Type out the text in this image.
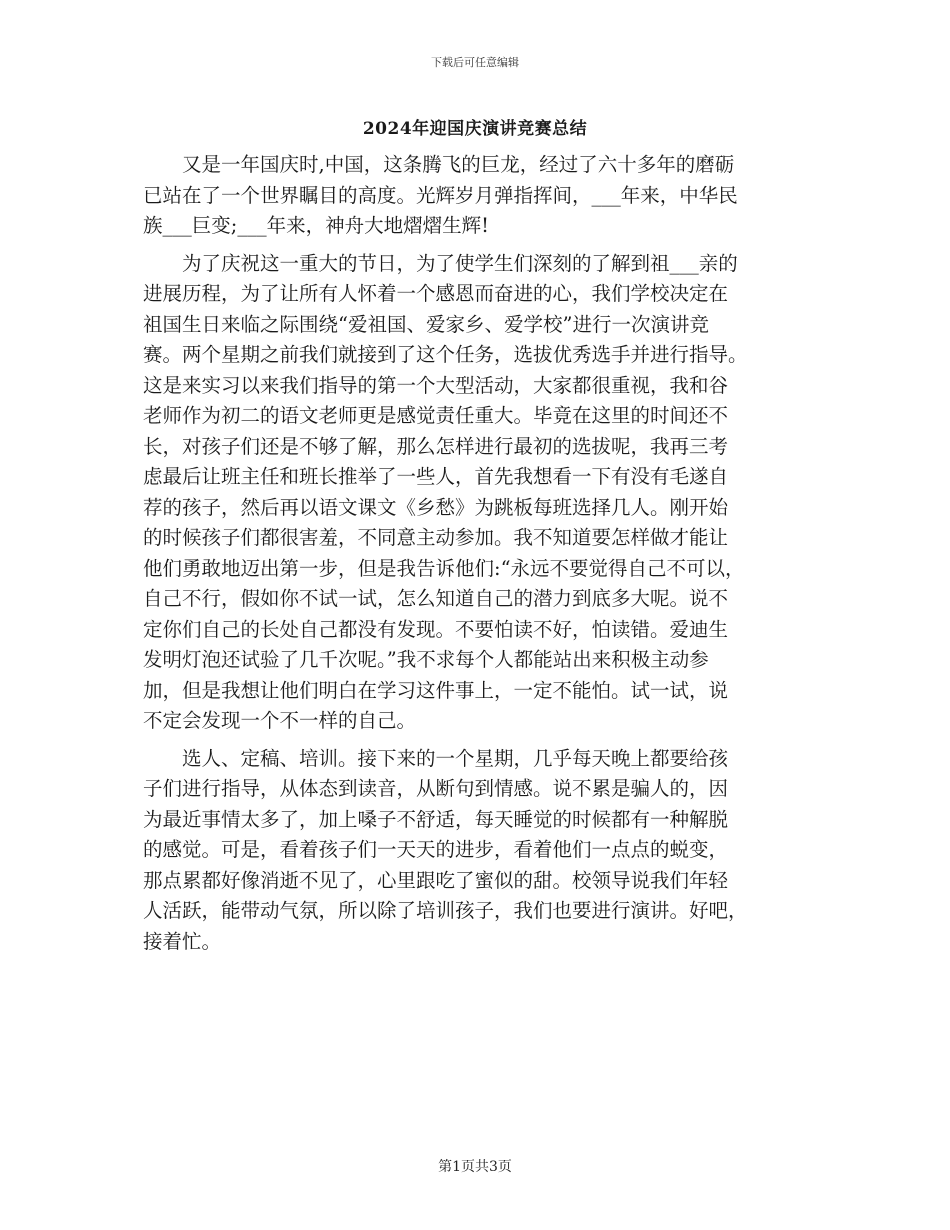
下载后可任意编辑
2024年迎国庆演讲竞赛总结
　　又是一年国庆时,中国，这条腾飞的巨龙，经过了六十多年的磨砺
已站在了一个世界瞩目的高度。光辉岁月弹指挥间，___年来，中华民
族___巨变;___年来，神舟大地熠熠生辉!
　　为了庆祝这一重大的节日，为了使学生们深刻的了解到祖___亲的
进展历程，为了让所有人怀着一个感恩而奋进的心，我们学校决定在
祖国生日来临之际围绕“爱祖国、爱家乡、爱学校”进行一次演讲竞
赛。两个星期之前我们就接到了这个任务，选拔优秀选手并进行指导。
这是来实习以来我们指导的第一个大型活动，大家都很重视，我和谷
老师作为初二的语文老师更是感觉责任重大。毕竟在这里的时间还不
长，对孩子们还是不够了解，那么怎样进行最初的选拔呢，我再三考
虑最后让班主任和班长推举了一些人，首先我想看一下有没有毛遂自
荐的孩子，然后再以语文课文《乡愁》为跳板每班选择几人。刚开始
的时候孩子们都很害羞，不同意主动参加。我不知道要怎样做才能让
他们勇敢地迈出第一步，但是我告诉他们:“永远不要觉得自己不可以，
自己不行，假如你不试一试，怎么知道自己的潜力到底多大呢。说不
定你们自己的长处自己都没有发现。不要怕读不好，怕读错。爱迪生
发明灯泡还试验了几千次呢。”我不求每个人都能站出来积极主动参
加，但是我想让他们明白在学习这件事上，一定不能怕。试一试，说
不定会发现一个不一样的自己。
　　选人、定稿、培训。接下来的一个星期，几乎每天晚上都要给孩
子们进行指导，从体态到读音，从断句到情感。说不累是骗人的，因
为最近事情太多了，加上嗓子不舒适，每天睡觉的时候都有一种解脱
的感觉。可是，看着孩子们一天天的进步，看着他们一点点的蜕变，
那点累都好像消逝不见了，心里跟吃了蜜似的甜。校领导说我们年轻
人活跃，能带动气氛，所以除了培训孩子，我们也要进行演讲。好吧，
接着忙。
第1页共3页
